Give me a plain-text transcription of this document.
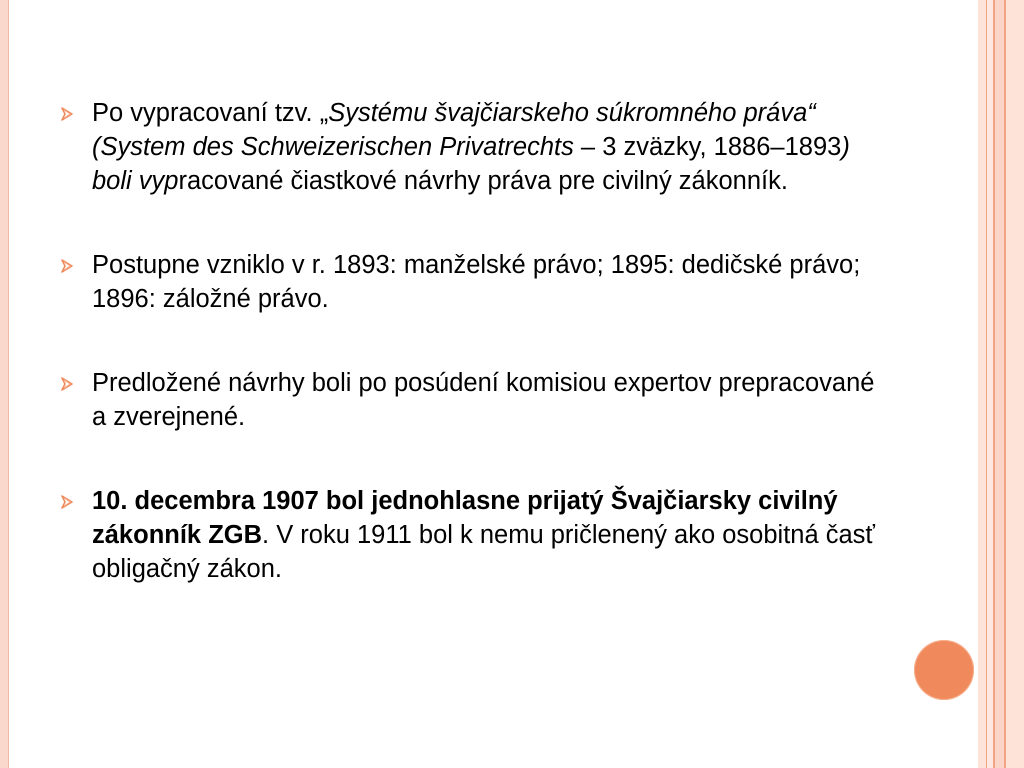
Po vypracovaní tzv. „Systému švajčiarskeho súkromného práva“ (System des Schweizerischen Privatrechts – 3 zväzky, 1886–1893) boli vypracované čiastkové návrhy práva pre civilný zákonník.
Postupne vzniklo v r. 1893: manželské právo; 1895: dedičské právo; 1896: záložné právo.
Predložené návrhy boli po posúdení komisiou expertov prepracované a zverejnené.
10. decembra 1907 bol jednohlasne prijatý Švajčiarsky civilný zákonník ZGB. V roku 1911 bol k nemu pričlenený ako osobitná časť obligačný zákon.
